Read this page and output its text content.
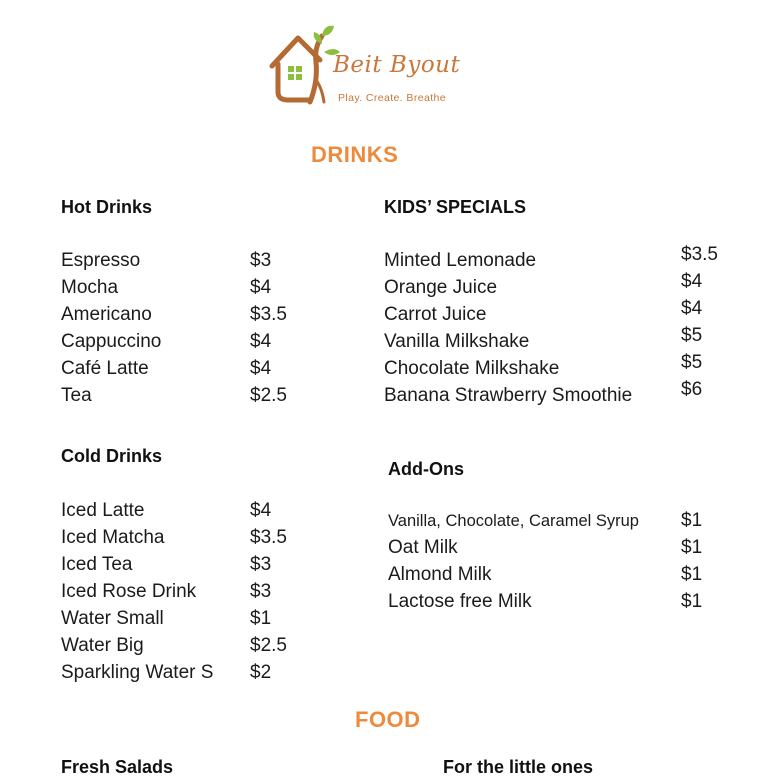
Beit Byout
Play. Create. Breathe
DRINKS
Hot Drinks
Espresso	$3
Mocha	$4
Americano	$3.5
Cappuccino	$4
Café Latte	$4
Tea	$2.5
KIDS’ SPECIALS
Minted Lemonade	$3.5
Orange Juice	$4
Carrot Juice	$4
Vanilla Milkshake	$5
Chocolate Milkshake	$5
Banana Strawberry Smoothie	$6
Cold Drinks
Iced Latte	$4
Iced Matcha	$3.5
Iced Tea	$3
Iced Rose Drink	$3
Water Small	$1
Water Big	$2.5
Sparkling Water S $2
Add-Ons
Vanilla, Chocolate, Caramel Syrup $1
Oat Milk	$1
Almond Milk	$1
Lactose free Milk	$1
FOOD
Fresh Salads	For the little ones
